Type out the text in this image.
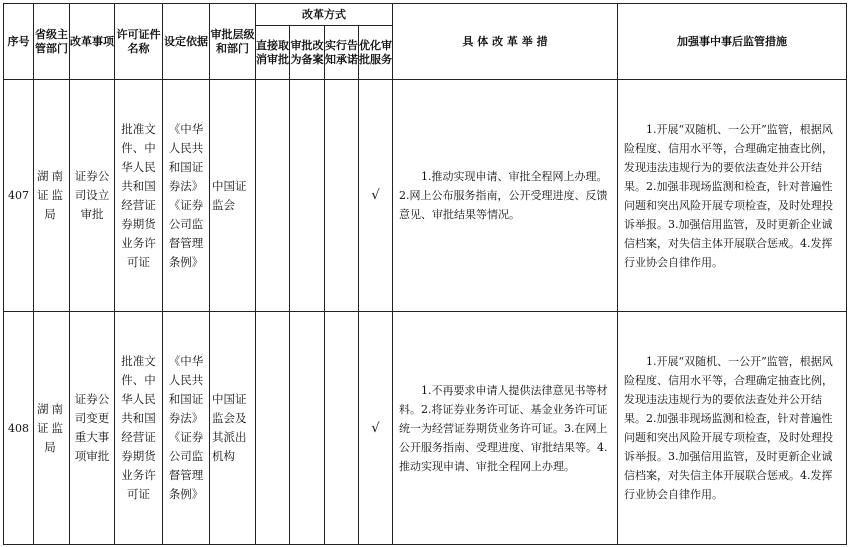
序号	省级主管部门	改革事项	许可证件名称	设定依据	审批层级和部门	改革方式				具 体 改 革 举 措	加强事中事后监管措施
						直接取消审批	审批改为备案	实行告知承诺	优化审批服务		
407	湖南证监局	证券公司设立审批	批准文件、中华人民共和国经营证券期货业务许可证	《中华人民共和国证券法》《证券公司监督管理条例》	中国证监会				√	1.推动实现申请、审批全程网上办理。2.网上公布服务指南，公开受理进度、反馈意见、审批结果等情况。	1.开展“双随机、一公开”监管，根据风险程度、信用水平等，合理确定抽查比例，发现违法违规行为的要依法查处并公开结果。2.加强非现场监测和检查，针对普遍性问题和突出风险开展专项检查，及时处理投诉举报。3.加强信用监管，及时更新企业诚信档案，对失信主体开展联合惩戒。4.发挥行业协会自律作用。
408	湖南证监局	证券公司变更重大事项审批	批准文件、中华人民共和国经营证券期货业务许可证	《中华人民共和国证券法》《证券公司监督管理条例》	中国证监会及其派出机构				√	1.不再要求申请人提供法律意见书等材料。2.将证券业务许可证、基金业务许可证统一为经营证券期货业务许可证。3.在网上公开服务指南、受理进度、审批结果等。4.推动实现申请、审批全程网上办理。	1.开展“双随机、一公开”监管，根据风险程度、信用水平等，合理确定抽查比例，发现违法违规行为的要依法查处并公开结果。2.加强非现场监测和检查，针对普遍性问题和突出风险开展专项检查，及时处理投诉举报。3.加强信用监管，及时更新企业诚信档案，对失信主体开展联合惩戒。4.发挥行业协会自律作用。
